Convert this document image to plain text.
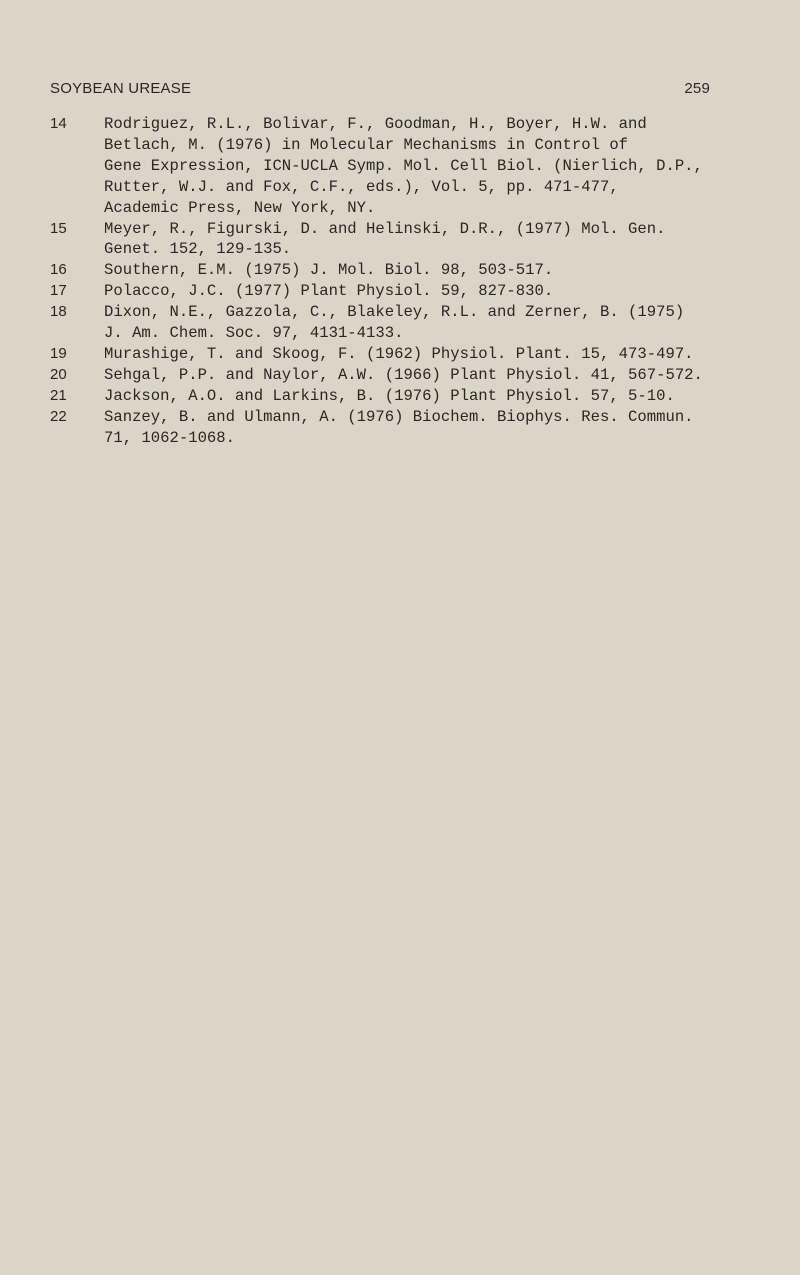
SOYBEAN UREASE	259
14 Rodriguez, R.L., Bolivar, F., Goodman, H., Boyer, H.W. and
Betlach, M. (1976) in Molecular Mechanisms in Control of
Gene Expression, ICN-UCLA Symp. Mol. Cell Biol. (Nierlich, D.P.,
Rutter, W.J. and Fox, C.F., eds.), Vol. 5, pp. 471-477,
Academic Press, New York, NY.
15 Meyer, R., Figurski, D. and Helinski, D.R., (1977) Mol. Gen.
Genet. 152, 129-135.
16 Southern, E.M. (1975) J. Mol. Biol. 98, 503-517.
17 Polacco, J.C. (1977) Plant Physiol. 59, 827-830.
18 Dixon, N.E., Gazzola, C., Blakeley, R.L. and Zerner, B. (1975)
J. Am. Chem. Soc. 97, 4131-4133.
19 Murashige, T. and Skoog, F. (1962) Physiol. Plant. 15, 473-497.
20 Sehgal, P.P. and Naylor, A.W. (1966) Plant Physiol. 41, 567-572.
21 Jackson, A.O. and Larkins, B. (1976) Plant Physiol. 57, 5-10.
22 Sanzey, B. and Ulmann, A. (1976) Biochem. Biophys. Res. Commun.
71, 1062-1068.
